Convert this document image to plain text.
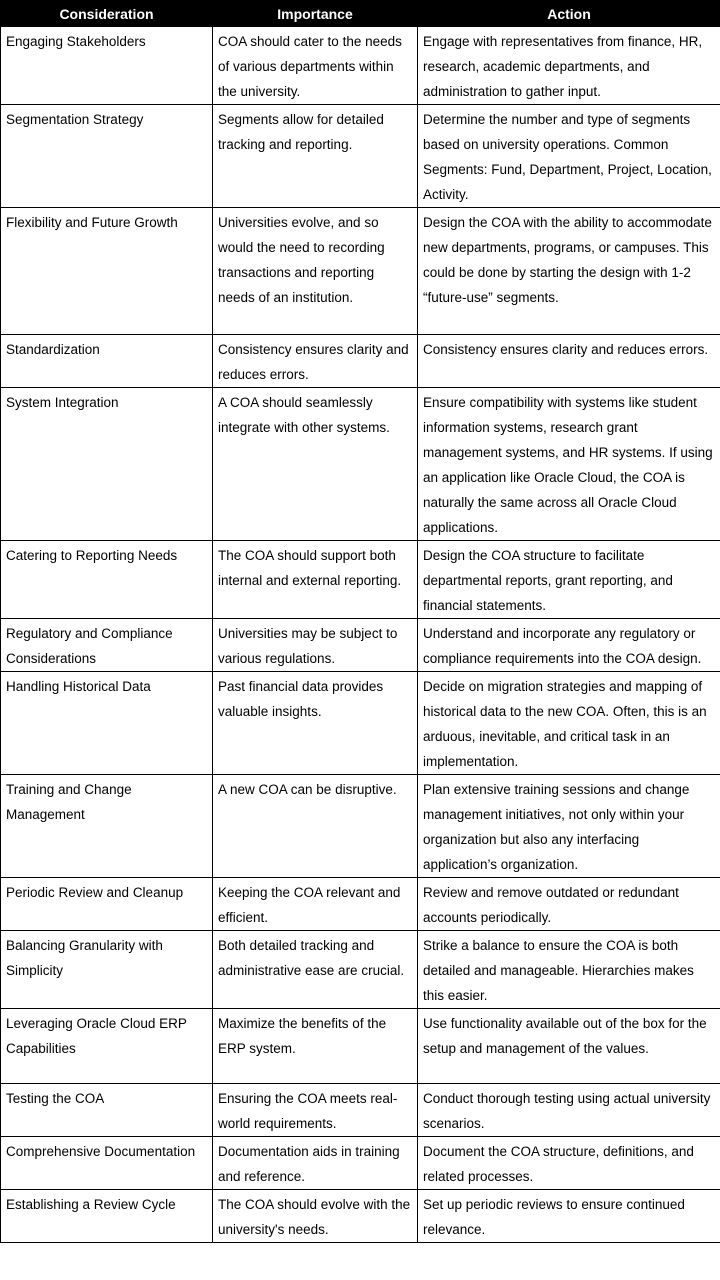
Consideration	Importance	Action
Engaging Stakeholders	COA should cater to the needs of various departments within the university.	Engage with representatives from finance, HR, research, academic departments, and administration to gather input.
Segmentation Strategy	Segments allow for detailed tracking and reporting.	Determine the number and type of segments based on university operations. Common Segments: Fund, Department, Project, Location, Activity.
Flexibility and Future Growth	Universities evolve, and so would the need to recording transactions and reporting needs of an institution.	Design the COA with the ability to accommodate new departments, programs, or campuses. This could be done by starting the design with 1-2 “future-use” segments.
Standardization	Consistency ensures clarity and reduces errors.	Consistency ensures clarity and reduces errors.
System Integration	A COA should seamlessly integrate with other systems.	Ensure compatibility with systems like student information systems, research grant management systems, and HR systems. If using an application like Oracle Cloud, the COA is naturally the same across all Oracle Cloud applications.
Catering to Reporting Needs	The COA should support both internal and external reporting.	Design the COA structure to facilitate departmental reports, grant reporting, and financial statements.
Regulatory and Compliance Considerations	Universities may be subject to various regulations.	Understand and incorporate any regulatory or compliance requirements into the COA design.
Handling Historical Data	Past financial data provides valuable insights.	Decide on migration strategies and mapping of historical data to the new COA. Often, this is an arduous, inevitable, and critical task in an implementation.
Training and Change Management	A new COA can be disruptive.	Plan extensive training sessions and change management initiatives, not only within your organization but also any interfacing application’s organization.
Periodic Review and Cleanup	Keeping the COA relevant and efficient.	Review and remove outdated or redundant accounts periodically.
Balancing Granularity with Simplicity	Both detailed tracking and administrative ease are crucial.	Strike a balance to ensure the COA is both detailed and manageable. Hierarchies makes this easier.
Leveraging Oracle Cloud ERP Capabilities	Maximize the benefits of the ERP system.	Use functionality available out of the box for the setup and management of the values.
Testing the COA	Ensuring the COA meets real-world requirements.	Conduct thorough testing using actual university scenarios.
Comprehensive Documentation	Documentation aids in training and reference.	Document the COA structure, definitions, and related processes.
Establishing a Review Cycle	The COA should evolve with the university's needs.	Set up periodic reviews to ensure continued relevance.
